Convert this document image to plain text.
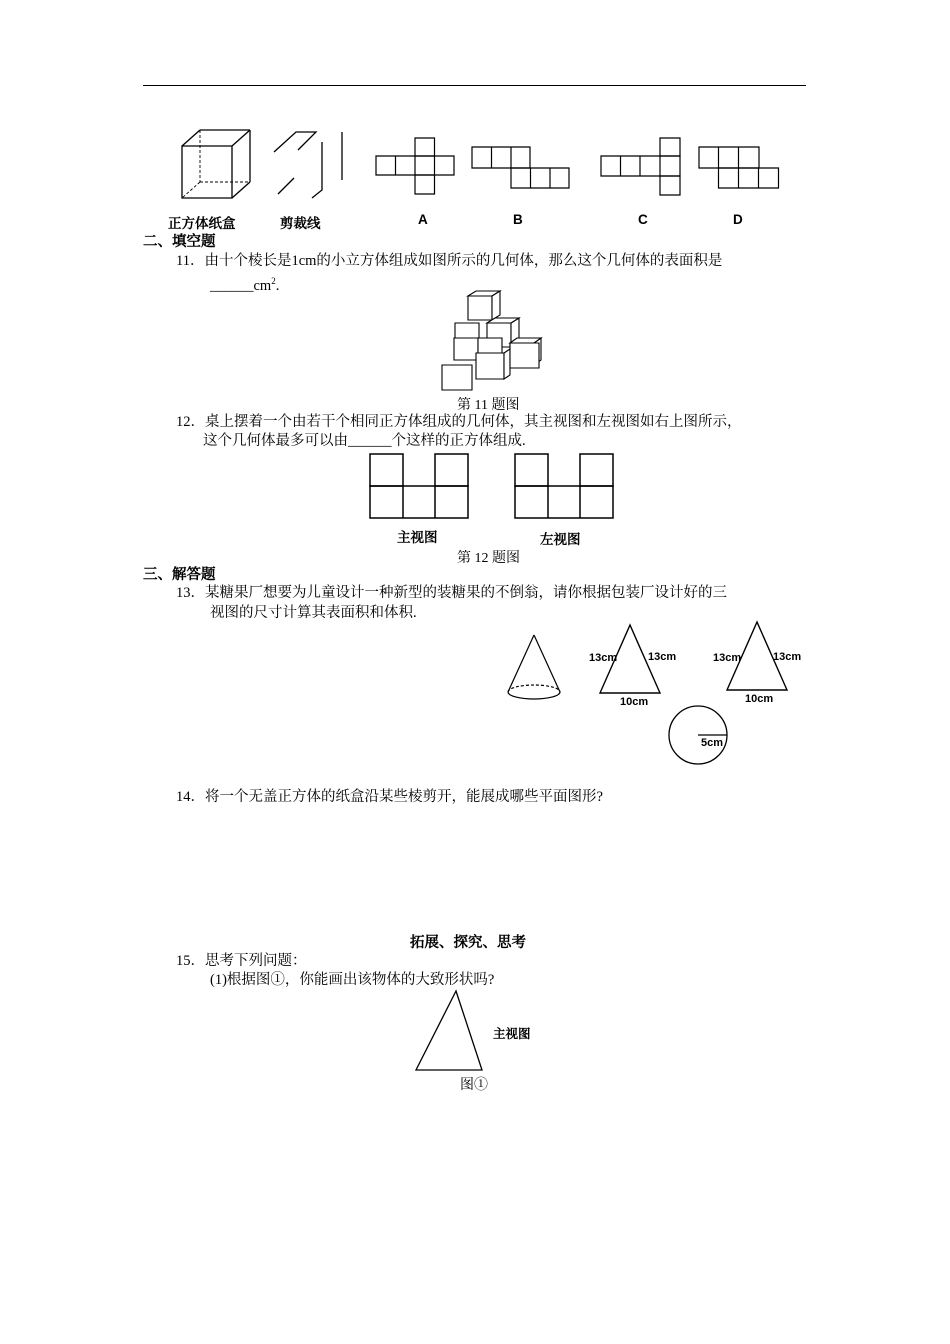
正方体纸盒	剪裁线	A	B	C	D
二、填空题
11．由十个棱长是1cm的小立方体组成如图所示的几何体，那么这个几何体的表面积是
$\_\_\_\_\_\_cm^2$.
第 11 题图
12．桌上摆着一个由若干个相同正方体组成的几何体，其主视图和左视图如右上图所示，
这个几何体最多可以由______个这样的正方体组成.
主视图	左视图
第 12 题图
三、解答题
13．某糖果厂想要为儿童设计一种新型的装糖果的不倒翁，请你根据包装厂设计好的三
视图的尺寸计算其表面积和体积.
13cm	13cm
10cm
13cm	13cm
10cm
5cm
14．将一个无盖正方体的纸盒沿某些棱剪开，能展成哪些平面图形?
拓展、探究、思考
15．思考下列问题：
(1)根据图①，你能画出该物体的大致形状吗?
主视图
图①
